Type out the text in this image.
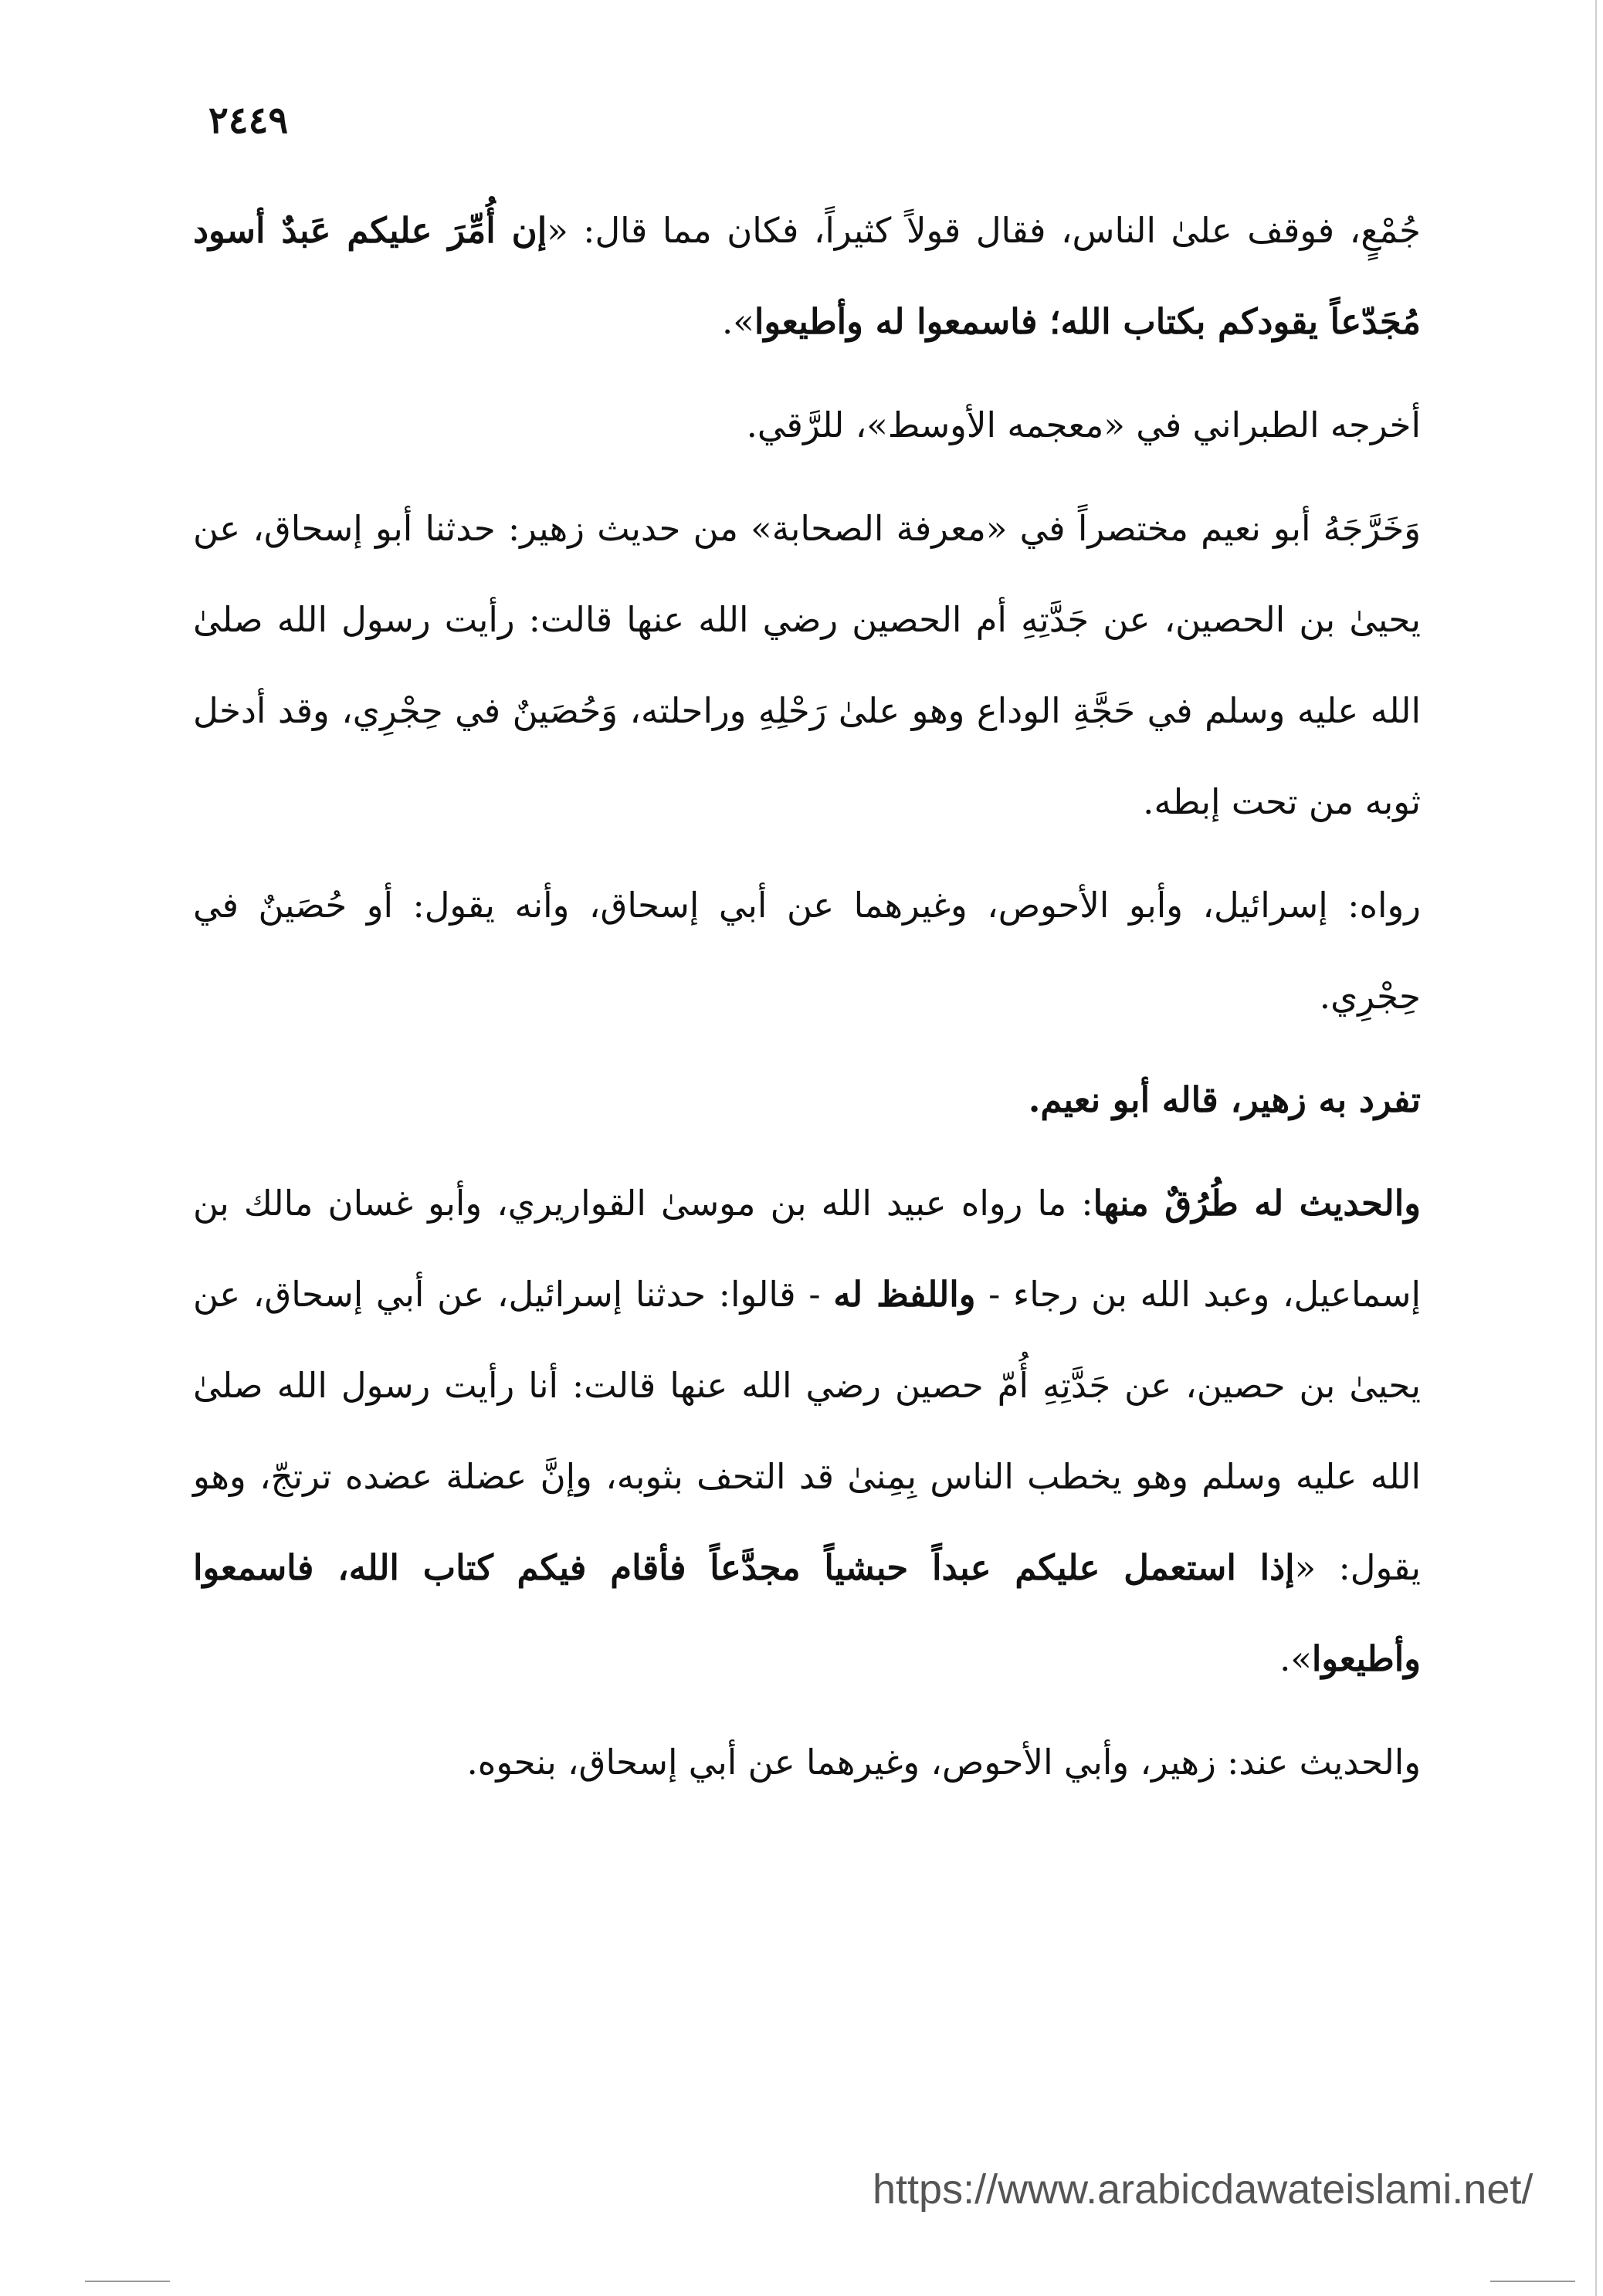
٢٤٤٩

جُمْعٍ، فوقف علىٰ الناس، فقال قولاً كثيراً، فكان مما قال: «إن أُمِّرَ عليكم عَبدٌ أسود مُجَدّعاً يقودكم بكتاب الله؛ فاسمعوا له وأطيعوا».

أخرجه الطبراني في «معجمه الأوسط»، للرَّقي.

وَخَرَّجَهُ أبو نعيم مختصراً في «معرفة الصحابة» من حديث زهير: حدثنا أبو إسحاق، عن يحيىٰ بن الحصين، عن جَدَّتِهِ أم الحصين رضي الله عنها قالت: رأيت رسول الله صلىٰ الله عليه وسلم في حَجَّةِ الوداع وهو علىٰ رَحْلِهِ وراحلته، وَحُصَينٌ في حِجْرِي، وقد أدخل ثوبه من تحت إبطه.

رواه: إسرائيل، وأبو الأحوص، وغيرهما عن أبي إسحاق، وأنه يقول: أو حُصَينٌ في حِجْرِي.

تفرد به زهير، قاله أبو نعيم.

والحديث له طُرُقٌ منها: ما رواه عبيد الله بن موسىٰ القواريري، وأبو غسان مالك بن إسماعيل، وعبد الله بن رجاء - واللفظ له - قالوا: حدثنا إسرائيل، عن أبي إسحاق، عن يحيىٰ بن حصين، عن جَدَّتِهِ أُمّ حصين رضي الله عنها قالت: أنا رأيت رسول الله صلىٰ الله عليه وسلم وهو يخطب الناس بِمِنىٰ قد التحف بثوبه، وإنَّ عضلة عضده ترتجّ، وهو يقول: «إذا استعمل عليكم عبداً حبشياً مجدَّعاً فأقام فيكم كتاب الله، فاسمعوا وأطيعوا».

والحديث عند: زهير، وأبي الأحوص، وغيرهما عن أبي إسحاق، بنحوه.

https://www.arabicdawateislami.net/
